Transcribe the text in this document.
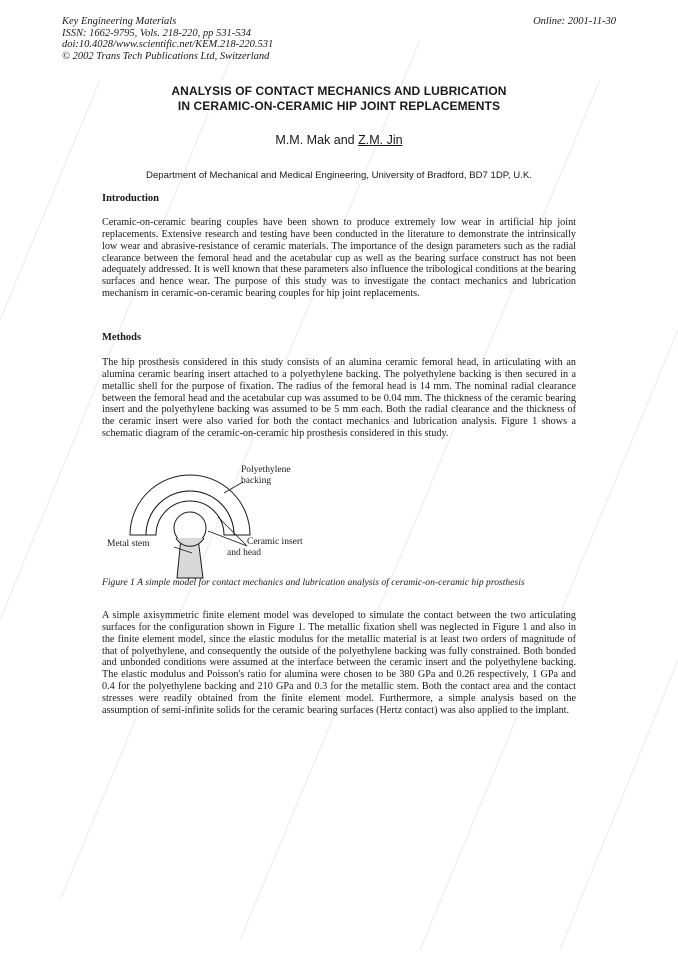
Key Engineering Materials
ISSN: 1662-9795, Vols. 218-220, pp 531-534
doi:10.4028/www.scientific.net/KEM.218-220.531
© 2002 Trans Tech Publications Ltd, Switzerland
Online: 2001-11-30
ANALYSIS OF CONTACT MECHANICS AND LUBRICATION
IN CERAMIC-ON-CERAMIC HIP JOINT REPLACEMENTS
M.M. Mak and Z.M. Jin
Department of Mechanical and Medical Engineering, University of Bradford, BD7 1DP, U.K.
Introduction

Ceramic-on-ceramic bearing couples have been shown to produce extremely low wear in artificial hip joint replacements. Extensive research and testing have been conducted in the literature to demonstrate the intrinsically low wear and abrasive-resistance of ceramic materials. The importance of the design parameters such as the radial clearance between the femoral head and the acetabular cup as well as the bearing surface construct has not been adequately addressed. It is well known that these parameters also influence the tribological conditions at the bearing surfaces and hence wear. The purpose of this study was to investigate the contact mechanics and lubrication mechanism in ceramic-on-ceramic bearing couples for hip joint replacements.

Methods

The hip prosthesis considered in this study consists of an alumina ceramic femoral head, in articulating with an alumina ceramic bearing insert attached to a polyethylene backing. The polyethylene backing is then secured in a metallic shell for the purpose of fixation. The radius of the femoral head is 14 mm. The nominal radial clearance between the femoral head and the acetabular cup was assumed to be 0.04 mm. The thickness of the ceramic bearing insert and the polyethylene backing was assumed to be 5 mm each. Both the radial clearance and the thickness of the ceramic insert were also varied for both the contact mechanics and lubrication analysis. Figure 1 shows a schematic diagram of the ceramic-on-ceramic hip prosthesis considered in this study.

Polyethylene
backing
Metal stem	Ceramic insert
and head

Figure 1 A simple model for contact mechanics and lubrication analysis of ceramic-on-ceramic hip prosthesis

A simple axisymmetric finite element model was developed to simulate the contact between the two articulating surfaces for the configuration shown in Figure 1. The metallic fixation shell was neglected in Figure 1 and also in the finite element model, since the elastic modulus for the metallic material is at least two orders of magnitude of that of polyethylene, and consequently the outside of the polyethylene backing was fully constrained. Both bonded and unbonded conditions were assumed at the interface between the ceramic insert and the polyethylene backing. The elastic modulus and Poisson's ratio for alumina were chosen to be 380 GPa and 0.26 respectively, 1 GPa and 0.4 for the polyethylene backing and 210 GPa and 0.3 for the metallic stem. Both the contact area and the contact stresses were readily obtained from the finite element model. Furthermore, a simple analysis based on the assumption of semi-infinite solids for the ceramic bearing surfaces (Hertz contact) was also applied to the implant.
